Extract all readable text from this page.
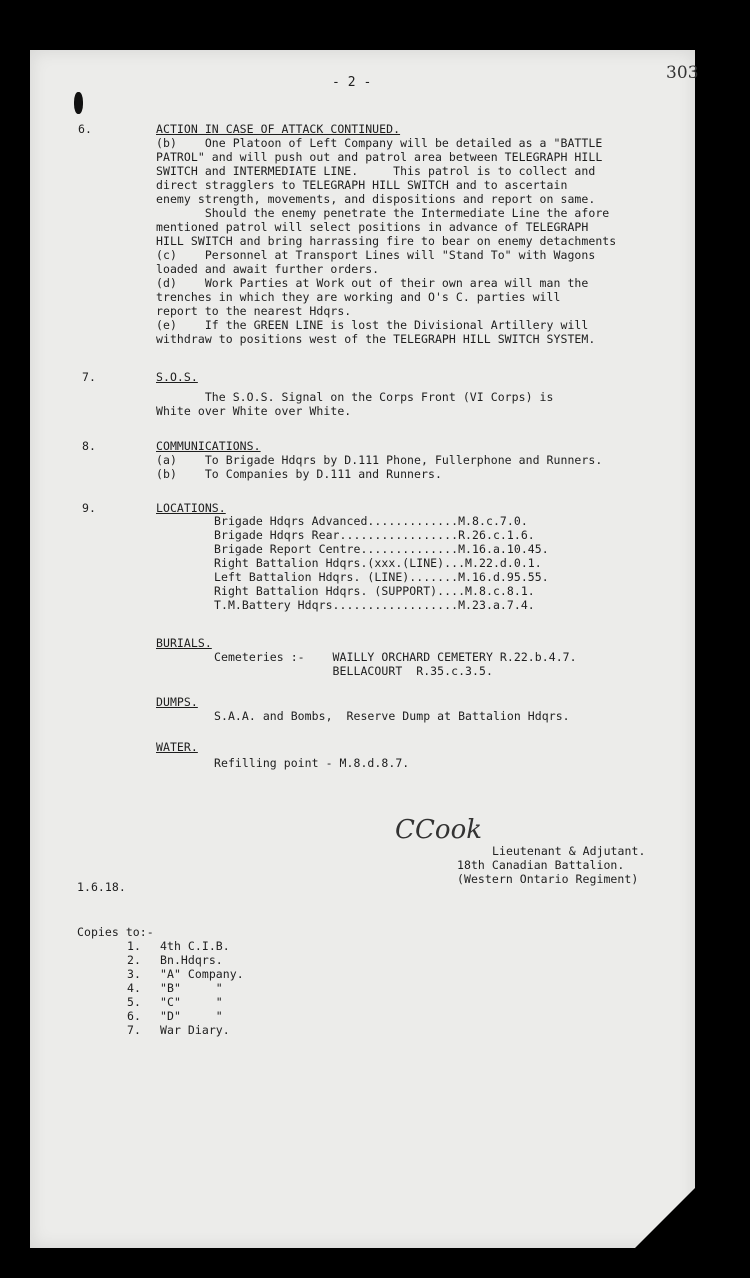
- 2 -	303
6.	ACTION IN CASE OF ATTACK CONTINUED.
(b)    One Platoon of Left Company will be detailed as a "BATTLE
PATROL" and will push out and patrol area between TELEGRAPH HILL
SWITCH and INTERMEDIATE LINE.     This patrol is to collect and
direct stragglers to TELEGRAPH HILL SWITCH and to ascertain
enemy strength, movements, and dispositions and report on same.
Should the enemy penetrate the Intermediate Line the afore
mentioned patrol will select positions in advance of TELEGRAPH
HILL SWITCH and bring harrassing fire to bear on enemy detachments
(c)    Personnel at Transport Lines will "Stand To" with Wagons
loaded and await further orders.
(d)    Work Parties at Work out of their own area will man the
trenches in which they are working and O's C. parties will
report to the nearest Hdqrs.
(e)    If the GREEN LINE is lost the Divisional Artillery will
withdraw to positions west of the TELEGRAPH HILL SWITCH SYSTEM.
7.	S.O.S.
The S.O.S. Signal on the Corps Front (VI Corps) is
White over White over White.
8.	COMMUNICATIONS.
(a)    To Brigade Hdqrs by D.111 Phone, Fullerphone and Runners.
(b)    To Companies by D.111 and Runners.
9.	LOCATIONS.
Brigade Hdqrs Advanced.............M.8.c.7.0.
Brigade Hdqrs Rear.................R.26.c.1.6.
Brigade Report Centre..............M.16.a.10.45.
Right Battalion Hdqrs.(xxx.(LINE)...M.22.d.0.1.
Left Battalion Hdqrs. (LINE).......M.16.d.95.55.
Right Battalion Hdqrs. (SUPPORT)....M.8.c.8.1.
T.M.Battery Hdqrs..................M.23.a.7.4.
BURIALS.
Cemeteries :-    WAILLY ORCHARD CEMETERY R.22.b.4.7.
BELLACOURT  R.35.c.3.5.
DUMPS.
S.A.A. and Bombs,  Reserve Dump at Battalion Hdqrs.
WATER.
Refilling point - M.8.d.8.7.
CCook
Lieutenant & Adjutant.
18th Canadian Battalion.
(Western Ontario Regiment)
1.6.18.
Copies to:-
1. 4th C.I.B.
2. Bn.Hdqrs.
3. "A" Company.
4. "B"     "
5. "C"     "
6. "D"     "
7. War Diary.
